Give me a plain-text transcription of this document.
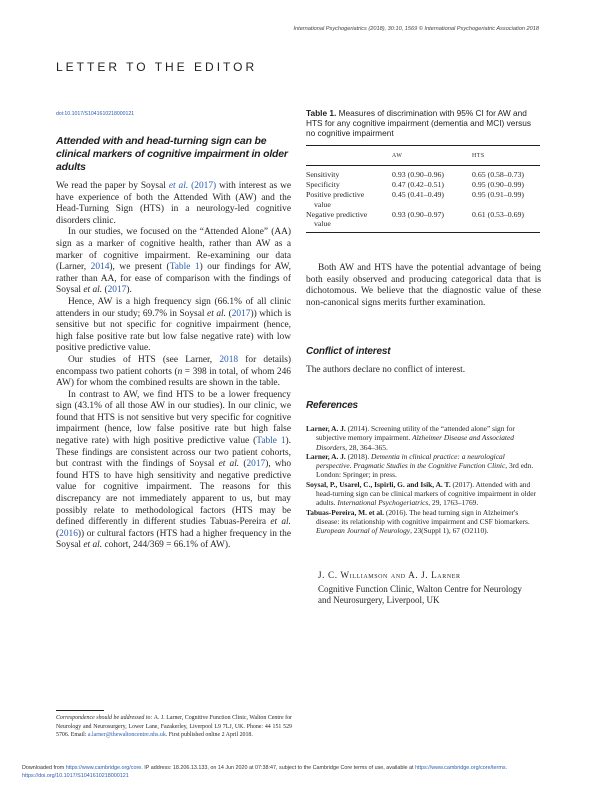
International Psychogeriatrics (2018), 30:10, 1569 © International Psychogeriatric Association 2018
LETTER TO THE EDITOR
doi:10.1017/S1041610218000121
Attended with and head-turning sign can be clinical markers of cognitive impairment in older adults

We read the paper by Soysal et al. (2017) with interest as we have experience of both the Attended With (AW) and the Head-Turning Sign (HTS) in a neurology-led cognitive disorders clinic.

In our studies, we focused on the “Attended Alone” (AA) sign as a marker of cognitive health, rather than AW as a marker of cognitive impairment. Re-examining our data (Larner, 2014), we present (Table 1) our findings for AW, rather than AA, for ease of comparison with the findings of Soysal et al. (2017).

Hence, AW is a high frequency sign (66.1% of all clinic attenders in our study; 69.7% in Soysal et al. (2017)) which is sensitive but not specific for cognitive impairment (hence, high false positive rate but low false negative rate) with low positive predictive value.

Our studies of HTS (see Larner, 2018 for details) encompass two patient cohorts (n = 398 in total, of whom 246 AW) for whom the combined results are shown in the table.

In contrast to AW, we find HTS to be a lower frequency sign (43.1% of all those AW in our studies). In our clinic, we found that HTS is not sensitive but very specific for cognitive impairment (hence, low false positive rate but high false negative rate) with high positive predictive value (Table 1). These findings are consistent across our two patient cohorts, but contrast with the findings of Soysal et al. (2017), who found HTS to have high sensitivity and negative predictive value for cognitive impairment. The reasons for this discrepancy are not immediately apparent to us, but may possibly relate to methodological factors (HTS may be defined differently in different studies Tabuas-Pereira et al. (2016)) or cultural factors (HTS had a higher frequency in the Soysal et al. cohort, 244/369 = 66.1% of AW).

Table 1. Measures of discrimination with 95% CI for AW and HTS for any cognitive impairment (dementia and MCI) versus no cognitive impairment
	AW	HTS

Sensitivity	0.93 (0.90–0.96)	0.65 (0.58–0.73)
Specificity	0.47 (0.42–0.51)	0.95 (0.90–0.99)
Positive predictive
value	0.45 (0.41–0.49)	0.95 (0.91–0.99)
Negative predictive
value	0.93 (0.90–0.97)	0.61 (0.53–0.69)

Both AW and HTS have the potential advantage of being both easily observed and producing categorical data that is dichotomous. We believe that the diagnostic value of these non-canonical signs merits further examination.

Conflict of interest
The authors declare no conflict of interest.
References

Larner, A. J. (2014). Screening utility of the “attended alone” sign for subjective memory impairment. Alzheimer Disease and Associated Disorders, 28, 364–365.

Larner, A. J. (2018). Dementia in clinical practice: a neurological perspective. Pragmatic Studies in the Cognitive Function Clinic, 3rd edn. London: Springer; in press.

Soysal, P., Usarel, C., Ispirli, G. and Isik, A. T. (2017). Attended with and head-turning sign can be clinical markers of cognitive impairment in older adults. International Psychogeriatrics, 29, 1763–1769.

Tabuas-Pereira, M. et al. (2016). The head turning sign in Alzheimer's disease: its relationship with cognitive impairment and CSF biomarkers. European Journal of Neurology, 23(Suppl 1), 67 (O2110).

J. C. Williamson and A. J. Larner
Cognitive Function Clinic, Walton Centre for Neurology and Neurosurgery, Liverpool, UK
Correspondence should be addressed to: A. J. Larner, Cognitive Function Clinic, Walton Centre for Neurology and Neurosurgery, Lower Lane, Fazakerley, Liverpool L9 7LJ, UK. Phone: 44 151 529 5706. Email: a.larner@thewaltoncentre.nhs.uk. First published online 2 April 2018.
Downloaded from https://www.cambridge.org/core. IP address: 18.206.13.133, on 14 Jun 2020 at 07:38:47, subject to the Cambridge Core terms of use, available at https://www.cambridge.org/core/terms. https://doi.org/10.1017/S1041610218000121
